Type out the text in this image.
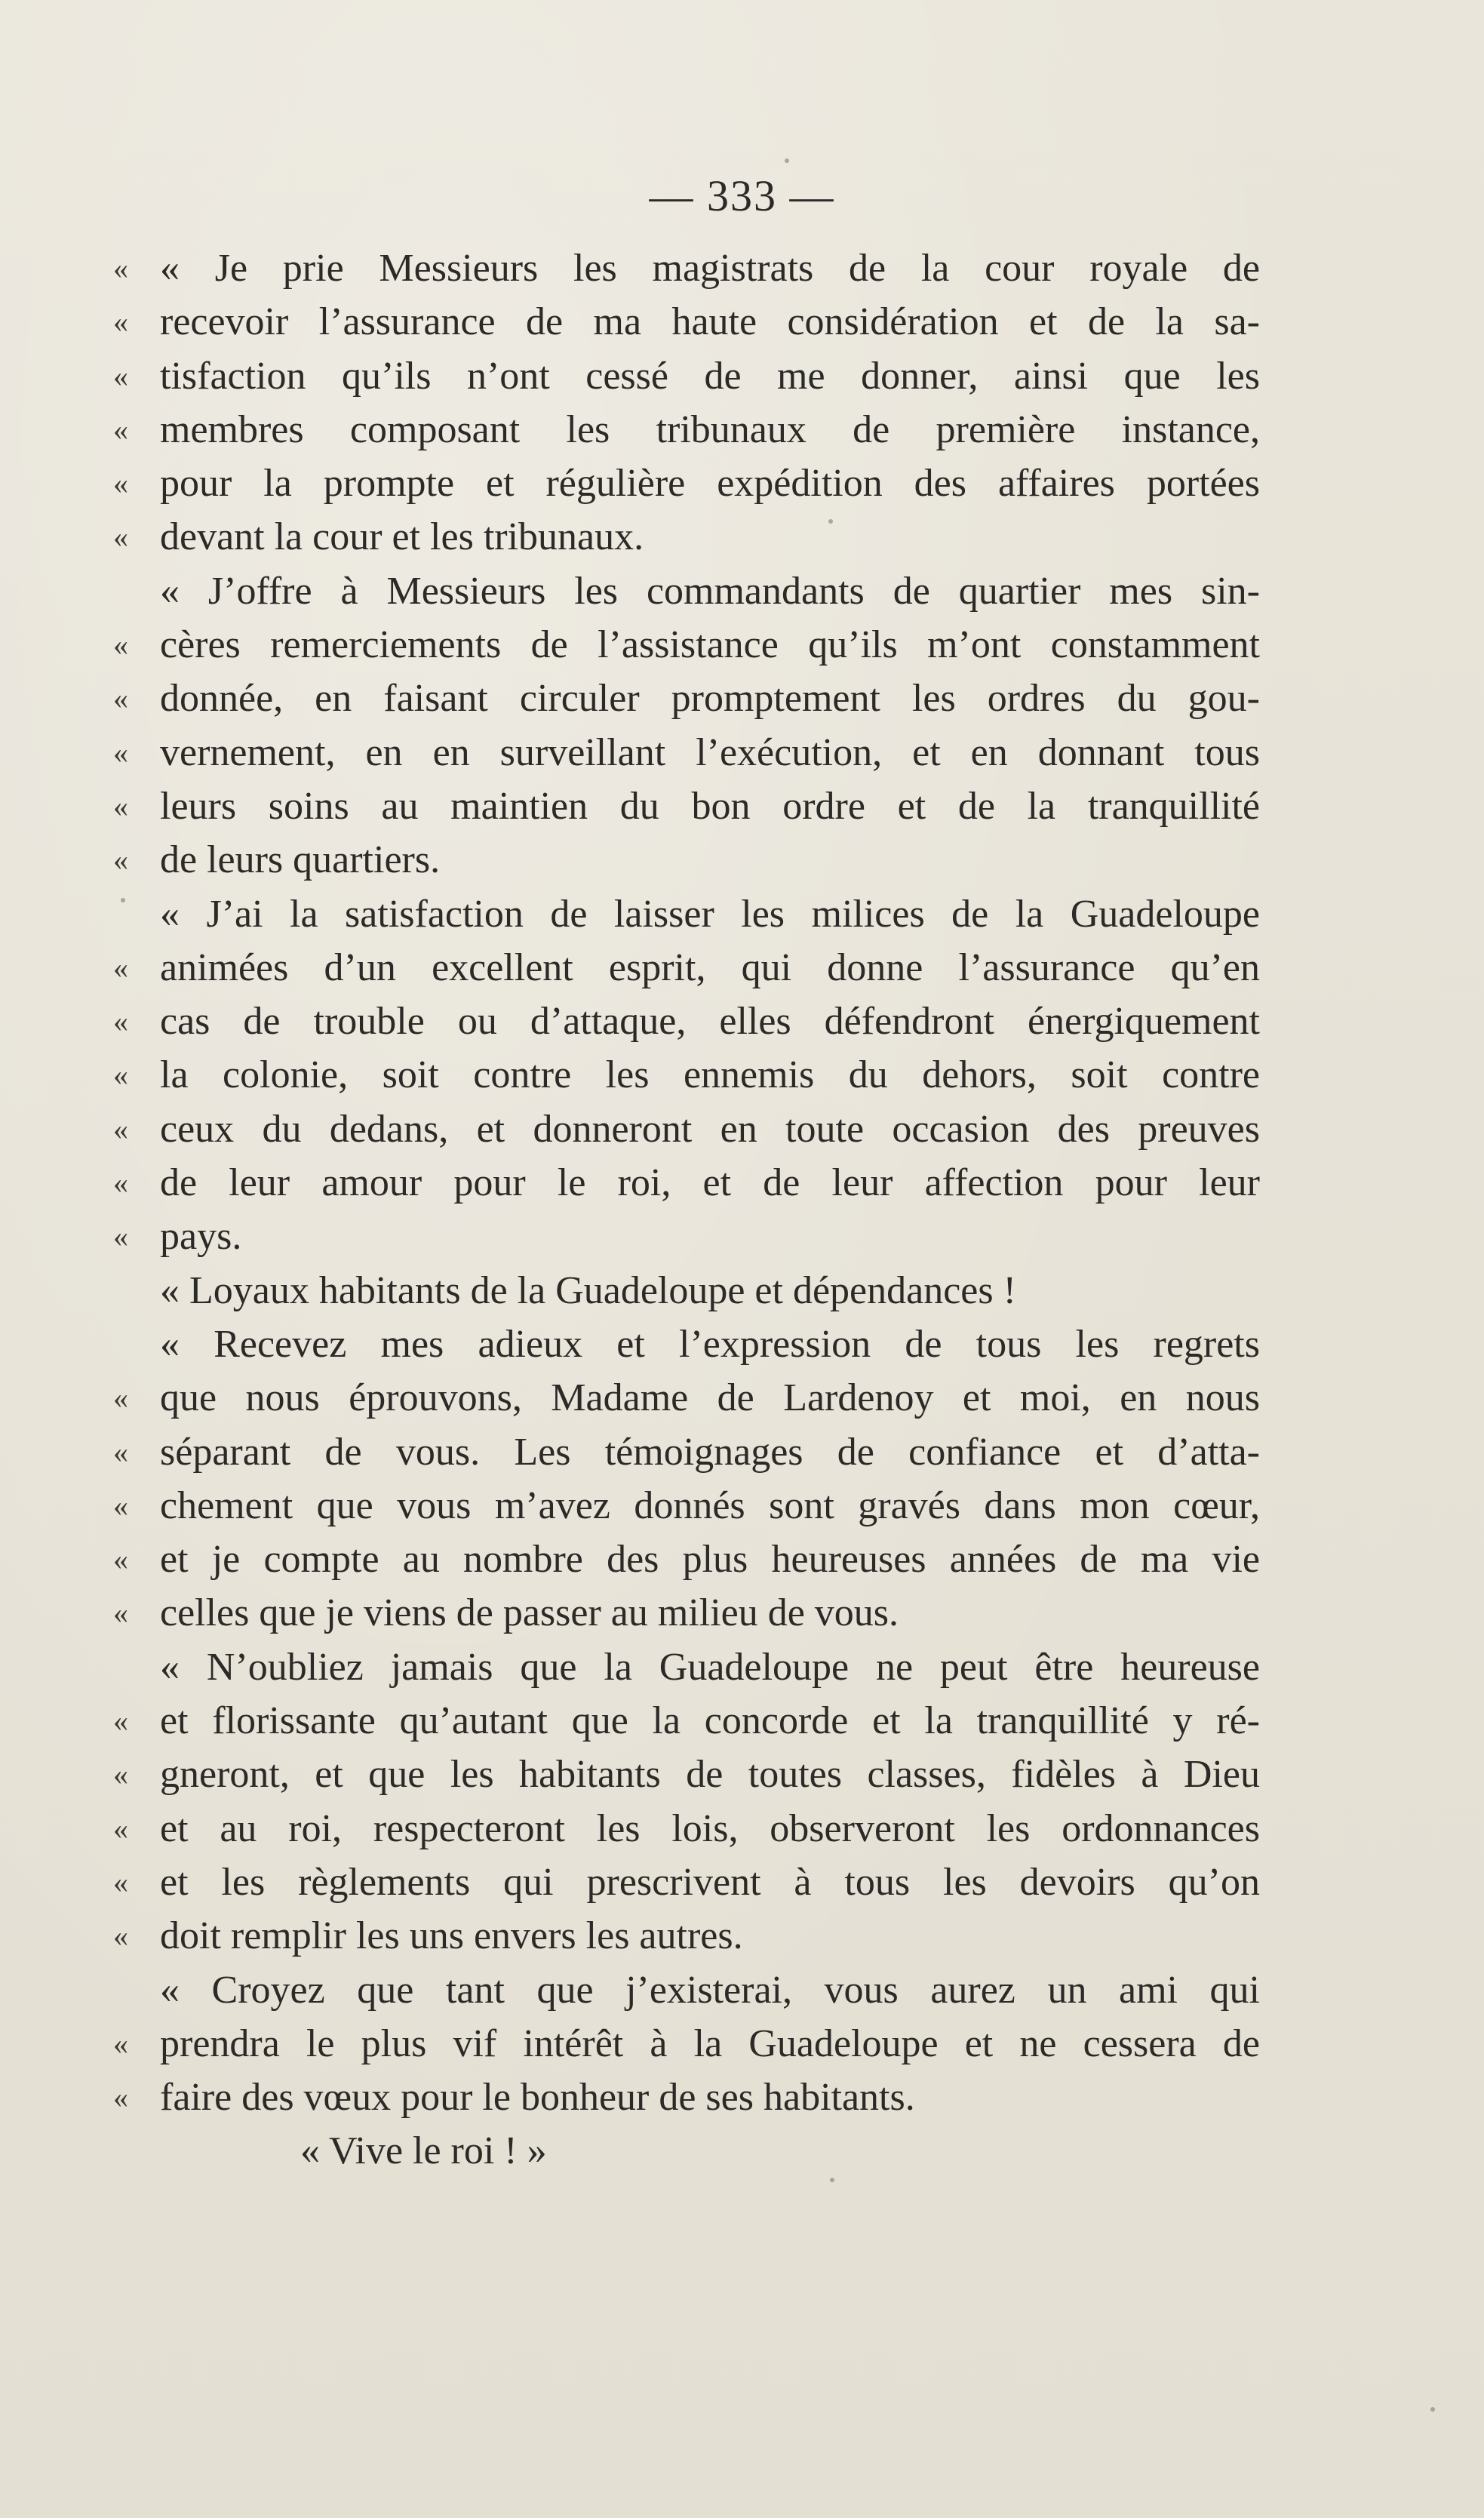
— 333 —
« « Je prie Messieurs les magistrats de la cour royale de
« recevoir l’assurance de ma haute considération et de la sa-
« tisfaction qu’ils n’ont cessé de me donner, ainsi que les
« membres composant les tribunaux de première instance,
« pour la prompte et régulière expédition des affaires portées
« devant la cour et les tribunaux.
« J’offre à Messieurs les commandants de quartier mes sin-
« cères remerciements de l’assistance qu’ils m’ont constamment
« donnée, en faisant circuler promptement les ordres du gou-
« vernement, en en surveillant l’exécution, et en donnant tous
« leurs soins au maintien du bon ordre et de la tranquillité
« de leurs quartiers.
« J’ai la satisfaction de laisser les milices de la Guadeloupe
« animées d’un excellent esprit, qui donne l’assurance qu’en
« cas de trouble ou d’attaque, elles défendront énergiquement
« la colonie, soit contre les ennemis du dehors, soit contre
« ceux du dedans, et donneront en toute occasion des preuves
« de leur amour pour le roi, et de leur affection pour leur
« pays.
« Loyaux habitants de la Guadeloupe et dépendances !
« Recevez mes adieux et l’expression de tous les regrets
« que nous éprouvons, Madame de Lardenoy et moi, en nous
« séparant de vous. Les témoignages de confiance et d’atta-
« chement que vous m’avez donnés sont gravés dans mon cœur,
« et je compte au nombre des plus heureuses années de ma vie
« celles que je viens de passer au milieu de vous.
« N’oubliez jamais que la Guadeloupe ne peut être heureuse
« et florissante qu’autant que la concorde et la tranquillité y ré-
« gneront, et que les habitants de toutes classes, fidèles à Dieu
« et au roi, respecteront les lois, observeront les ordonnances
« et les règlements qui prescrivent à tous les devoirs qu’on
« doit remplir les uns envers les autres.
« Croyez que tant que j’existerai, vous aurez un ami qui
« prendra le plus vif intérêt à la Guadeloupe et ne cessera de
« faire des vœux pour le bonheur de ses habitants.
« Vive le roi ! »
